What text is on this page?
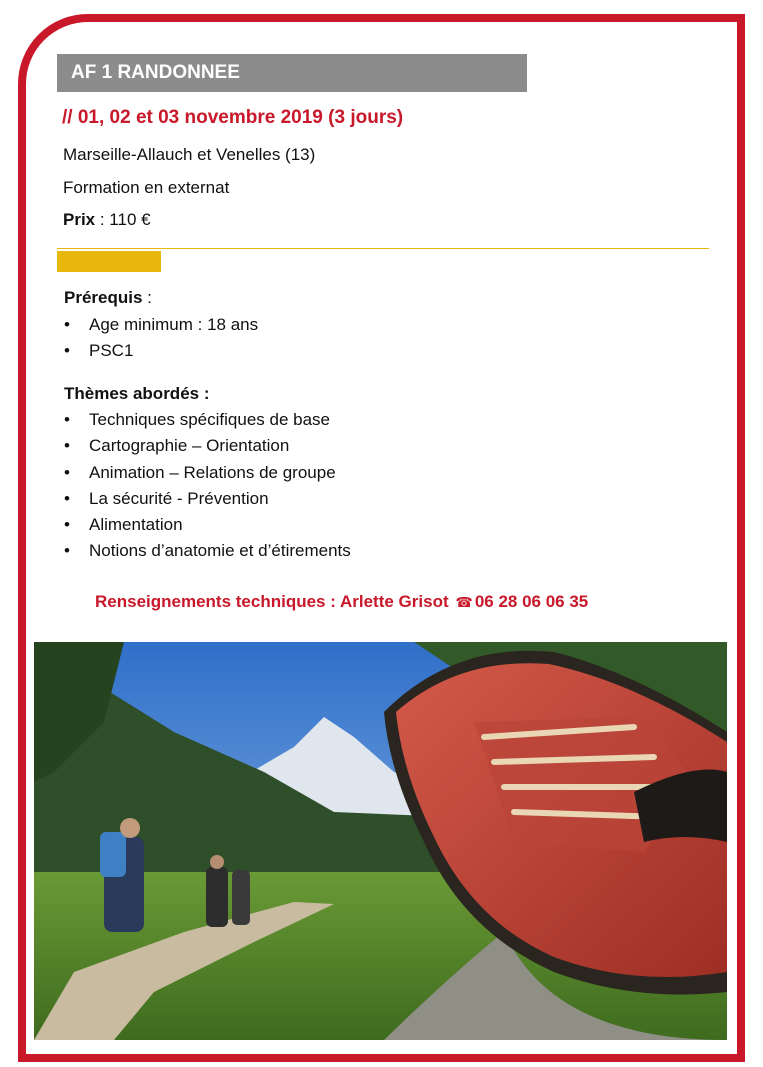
AF 1 RANDONNEE
// 01, 02 et 03 novembre 2019 (3 jours)
Marseille-Allauch et Venelles (13)
Formation en externat
Prix : 110 €
Prérequis :
• Age minimum : 18 ans
• PSC1
Thèmes abordés :
• Techniques spécifiques de base
• Cartographie – Orientation
• Animation – Relations de groupe
• La sécurité - Prévention
• Alimentation
• Notions d’anatomie et d’étirements
Renseignements techniques : Arlette Grisot ☎ 06 28 06 06 35
